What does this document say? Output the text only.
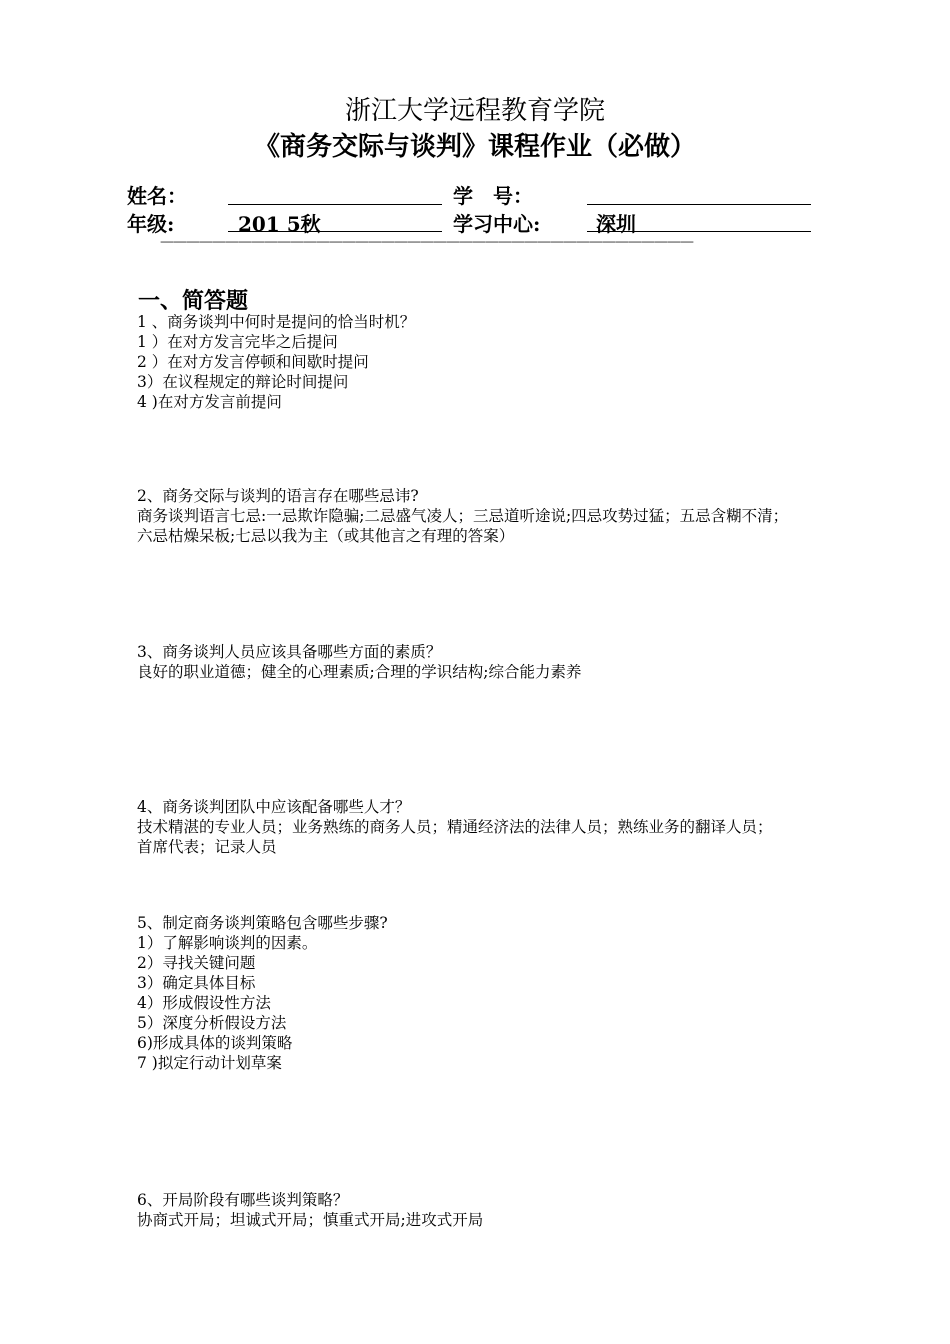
浙江大学远程教育学院
《商务交际与谈判》课程作业（必做）
姓名：	学　号：
年级:	201 5秋	学习中心:	深圳
—————————————————————————————————————————
一、简答题
1 、商务谈判中何时是提问的恰当时机？
1 ）在对方发言完毕之后提问
2 ）在对方发言停顿和间歇时提问
3）在议程规定的辩论时间提问
4 )在对方发言前提问
2、商务交际与谈判的语言存在哪些忌讳?
商务谈判语言七忌:一忌欺诈隐骗;二忌盛气凌人；三忌道听途说;四忌攻势过猛；五忌含糊不清；
六忌枯燥呆板;七忌以我为主（或其他言之有理的答案）
3、商务谈判人员应该具备哪些方面的素质？
良好的职业道德；健全的心理素质;合理的学识结构;综合能力素养
4、商务谈判团队中应该配备哪些人才？
技术精湛的专业人员；业务熟练的商务人员；精通经济法的法律人员；熟练业务的翻译人员；
首席代表；记录人员
5、制定商务谈判策略包含哪些步骤?
1）了解影响谈判的因素。
2）寻找关键问题
3）确定具体目标
4）形成假设性方法
5）深度分析假设方法
6)形成具体的谈判策略
7 )拟定行动计划草案
6、开局阶段有哪些谈判策略？
协商式开局；坦诚式开局；慎重式开局;进攻式开局
